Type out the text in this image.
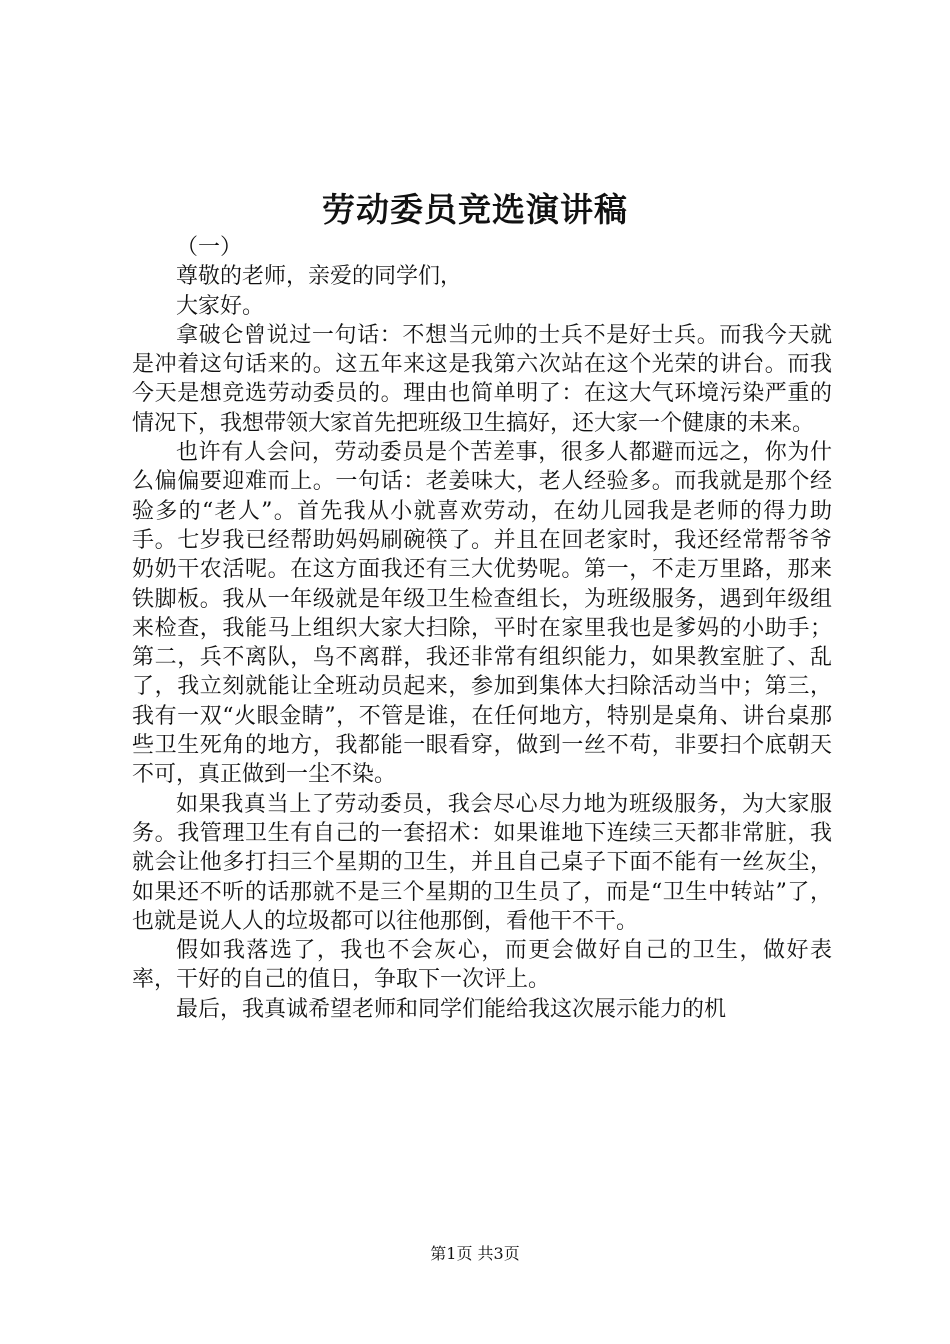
劳动委员竞选演讲稿

（一）

尊敬的老师，亲爱的同学们，

大家好。

拿破仑曾说过一句话：不想当元帅的士兵不是好士兵。而我今天就是冲着这句话来的。这五年来这是我第六次站在这个光荣的讲台。而我今天是想竞选劳动委员的。理由也简单明了：在这大气环境污染严重的情况下，我想带领大家首先把班级卫生搞好，还大家一个健康的未来。

也许有人会问，劳动委员是个苦差事，很多人都避而远之，你为什么偏偏要迎难而上。一句话：老姜味大，老人经验多。而我就是那个经验多的“老人”。首先我从小就喜欢劳动，在幼儿园我是老师的得力助手。七岁我已经帮助妈妈刷碗筷了。并且在回老家时，我还经常帮爷爷奶奶干农活呢。在这方面我还有三大优势呢。第一，不走万里路，那来铁脚板。我从一年级就是年级卫生检查组长，为班级服务，遇到年级组来检查，我能马上组织大家大扫除，平时在家里我也是爹妈的小助手；第二，兵不离队，鸟不离群，我还非常有组织能力，如果教室脏了、乱了，我立刻就能让全班动员起来，参加到集体大扫除活动当中；第三，我有一双“火眼金睛”，不管是谁，在任何地方，特别是桌角、讲台桌那些卫生死角的地方，我都能一眼看穿，做到一丝不苟，非要扫个底朝天不可，真正做到一尘不染。

如果我真当上了劳动委员，我会尽心尽力地为班级服务，为大家服务。我管理卫生有自己的一套招术：如果谁地下连续三天都非常脏，我就会让他多打扫三个星期的卫生，并且自己桌子下面不能有一丝灰尘，如果还不听的话那就不是三个星期的卫生员了，而是“卫生中转站”了，也就是说人人的垃圾都可以往他那倒，看他干不干。

假如我落选了，我也不会灰心，而更会做好自己的卫生，做好表率，干好的自己的值日，争取下一次评上。

最后，我真诚希望老师和同学们能给我这次展示能力的机

第1页 共3页
